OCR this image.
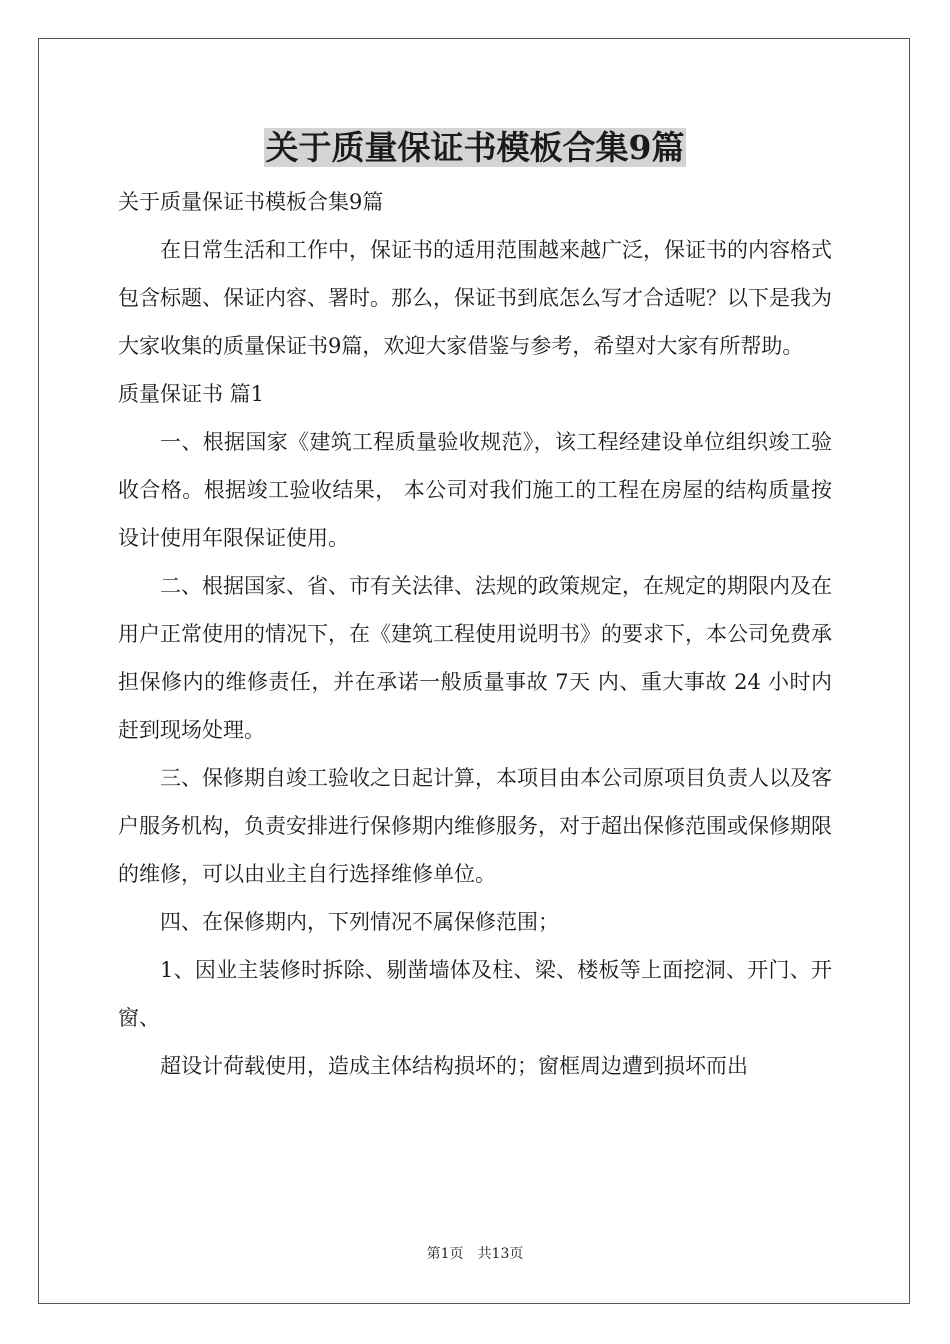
关于质量保证书模板合集9篇

关于质量保证书模板合集9篇

在日常生活和工作中，保证书的适用范围越来越广泛，保证书的内容格式包含标题、保证内容、署时。那么，保证书到底怎么写才合适呢？以下是我为大家收集的质量保证书9篇，欢迎大家借鉴与参考，希望对大家有所帮助。

质量保证书 篇1

一、根据国家《建筑工程质量验收规范》，该工程经建设单位组织竣工验收合格。根据竣工验收结果， 本公司对我们施工的工程在房屋的结构质量按设计使用年限保证使用。

二、根据国家、省、市有关法律、法规的政策规定，在规定的期限内及在用户正常使用的情况下，在《建筑工程使用说明书》的要求下，本公司免费承担保修内的维修责任，并在承诺一般质量事故 7天 内、重大事故 24 小时内赶到现场处理。

三、保修期自竣工验收之日起计算，本项目由本公司原项目负责人以及客户服务机构，负责安排进行保修期内维修服务，对于超出保修范围或保修期限的维修，可以由业主自行选择维修单位。

四、在保修期内，下列情况不属保修范围；

1、因业主装修时拆除、剔凿墙体及柱、梁、楼板等上面挖洞、开门、开窗、

超设计荷载使用，造成主体结构损坏的；窗框周边遭到损坏而出

第1页　共13页
